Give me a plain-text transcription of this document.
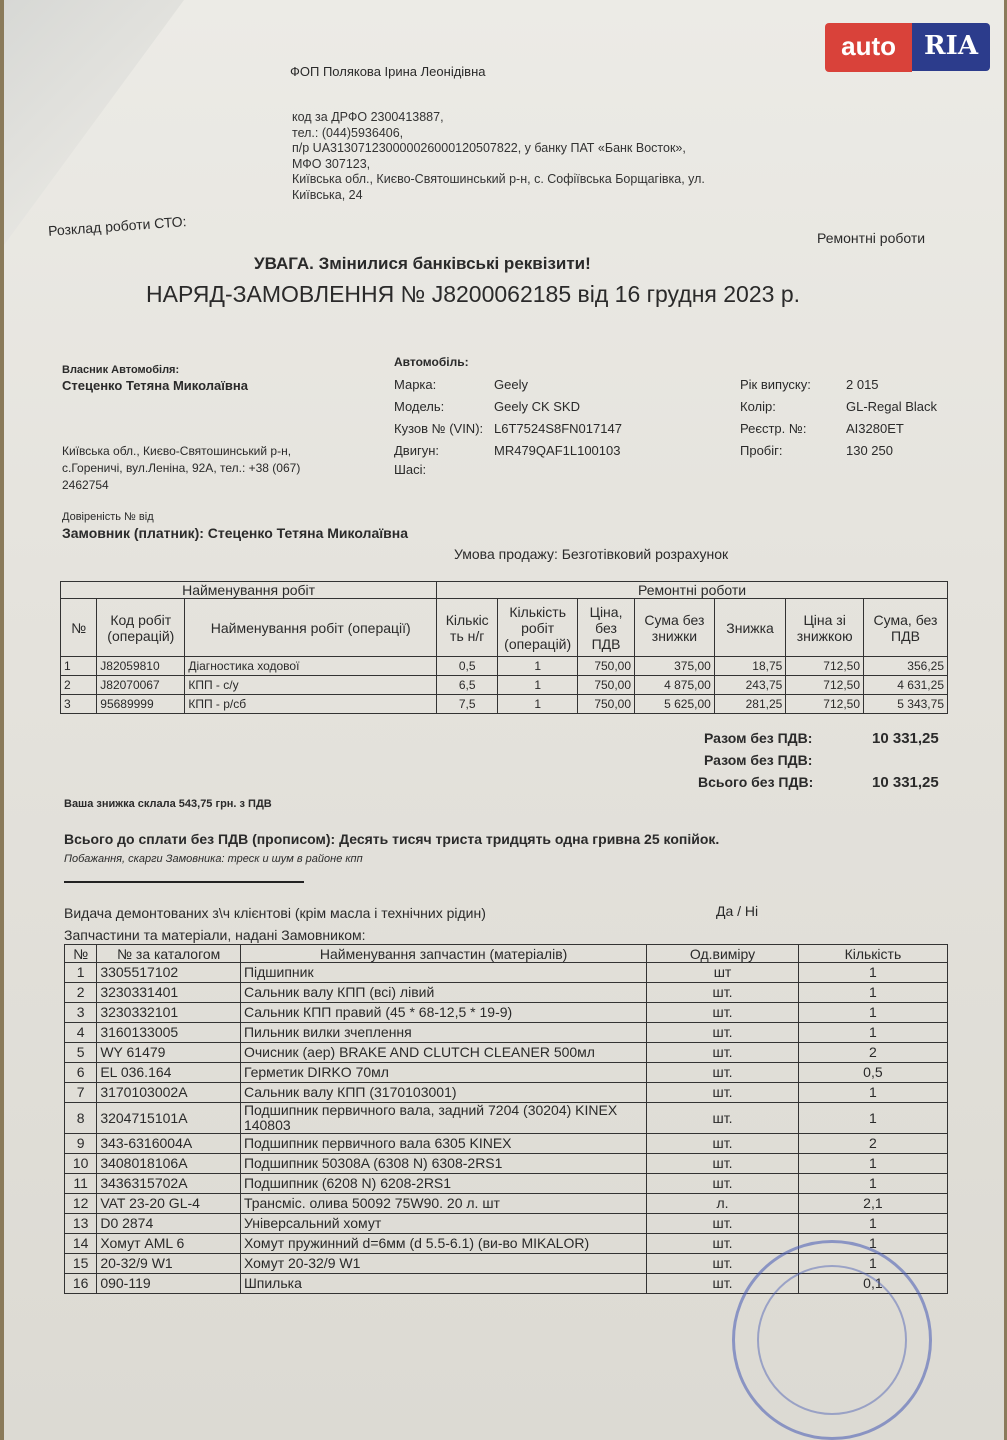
auto	RIA
ФОП Полякова Ірина Леонідівна
код за ДРФО 2300413887,
тел.: (044)5936406,
п/р UA313071230000026000120507822, у банку ПАТ «Банк Восток»,
МФО 307123,
Київська обл., Києво-Святошинський р-н, с. Софіївська Борщагівка, ул.
Київська, 24
Розклад роботи СТО:	Ремонтні роботи
УВАГА. Змінилися банківські реквізити!
НАРЯД-ЗАМОВЛЕННЯ № J8200062185 від 16 грудня 2023 р.
Власник Автомобіля:
Стеценко Тетяна Миколаївна
Київська обл., Києво-Святошинський р-н,
с.Гореничі, вул.Леніна, 92А, тел.: +38 (067)
2462754
Автомобіль:
Марка:	Geely
Модель:	Geely CK SKD
Кузов № (VIN): L6T7524S8FN017147
Двигун:	MR479QAF1L100103
Шасі:
Рік випуску:	2 015
Колір:	GL-Regal Black
Реєстр. №:	AI3280ET
Пробіг:	130 250
Довіреність № від
Замовник (платник): Стеценко Тетяна Миколаївна
Умова продажу: Безготівковий розрахунок
Найменування робіт			Ремонтні роботи						
№	Код робіт (операцій)	Найменування робіт (операції)	Кількіс ть н/г	Кількість робіт (операцій)	Ціна, без ПДВ	Сума без знижки	Знижка	Ціна зі знижкою	Сума, без ПДВ
1	J82059810	Діагностика ходової	0,5	1	750,00	375,00	18,75	712,50	356,25
2	J82070067	КПП - с/у	6,5	1	750,00	4 875,00	243,75	712,50	4 631,25
3	95689999	КПП - р/сб	7,5	1	750,00	5 625,00	281,25	712,50	5 343,75
Разом без ПДВ:	10 331,25
Разом без ПДВ:
Всього без ПДВ:	10 331,25
Ваша знижка склала 543,75 грн. з ПДВ
Всього до сплати без ПДВ (прописом): Десять тисяч триста тридцять одна гривна 25 копійок.
Побажання, скарги Замовника: треск и шум в районе кпп
Видача демонтованих з\ч клієнтові (крім масла і технічних рідин)	Да / Ні
Запчастини та матеріали, надані Замовником:
№	№ за каталогом	Найменування запчастин (матеріалів)	Од.виміру	Кількість
1	3305517102	Підшипник	шт	1
2	3230331401	Сальник валу КПП (всі) лівий	шт.	1
3	3230332101	Сальник КПП правий (45 * 68-12,5 * 19-9)	шт.	1
4	3160133005	Пильник вилки зчеплення	шт.	1
5	WY 61479	Очисник (аер) BRAKE AND CLUTCH CLEANER 500мл	шт.	2
6	EL 036.164	Герметик DIRKO 70мл	шт.	0,5
7	3170103002A	Сальник валу КПП (3170103001)	шт.	1
8	3204715101A	Подшипник первичного вала, задний 7204 (30204) KINEX 140803	шт.	1
9	343-6316004A	Подшипник первичного вала 6305 KINEX	шт.	2
10	3408018106A	Подшипник 50308A (6308 N) 6308-2RS1	шт.	1
11	3436315702A	Подшипник (6208 N) 6208-2RS1	шт.	1
12	VAT 23-20 GL-4	Трансміс. олива 50092 75W90. 20 л. шт	л.	2,1
13	D0 2874	Універсальний хомут	шт.	1
14	Хомут AML 6	Хомут пружинний d=6мм (d 5.5-6.1) (ви-во MIKALOR)	шт.	1
15	20-32/9 W1	Хомут 20-32/9 W1	шт.	1
16	090-119	Шпилька	шт.	0,1
